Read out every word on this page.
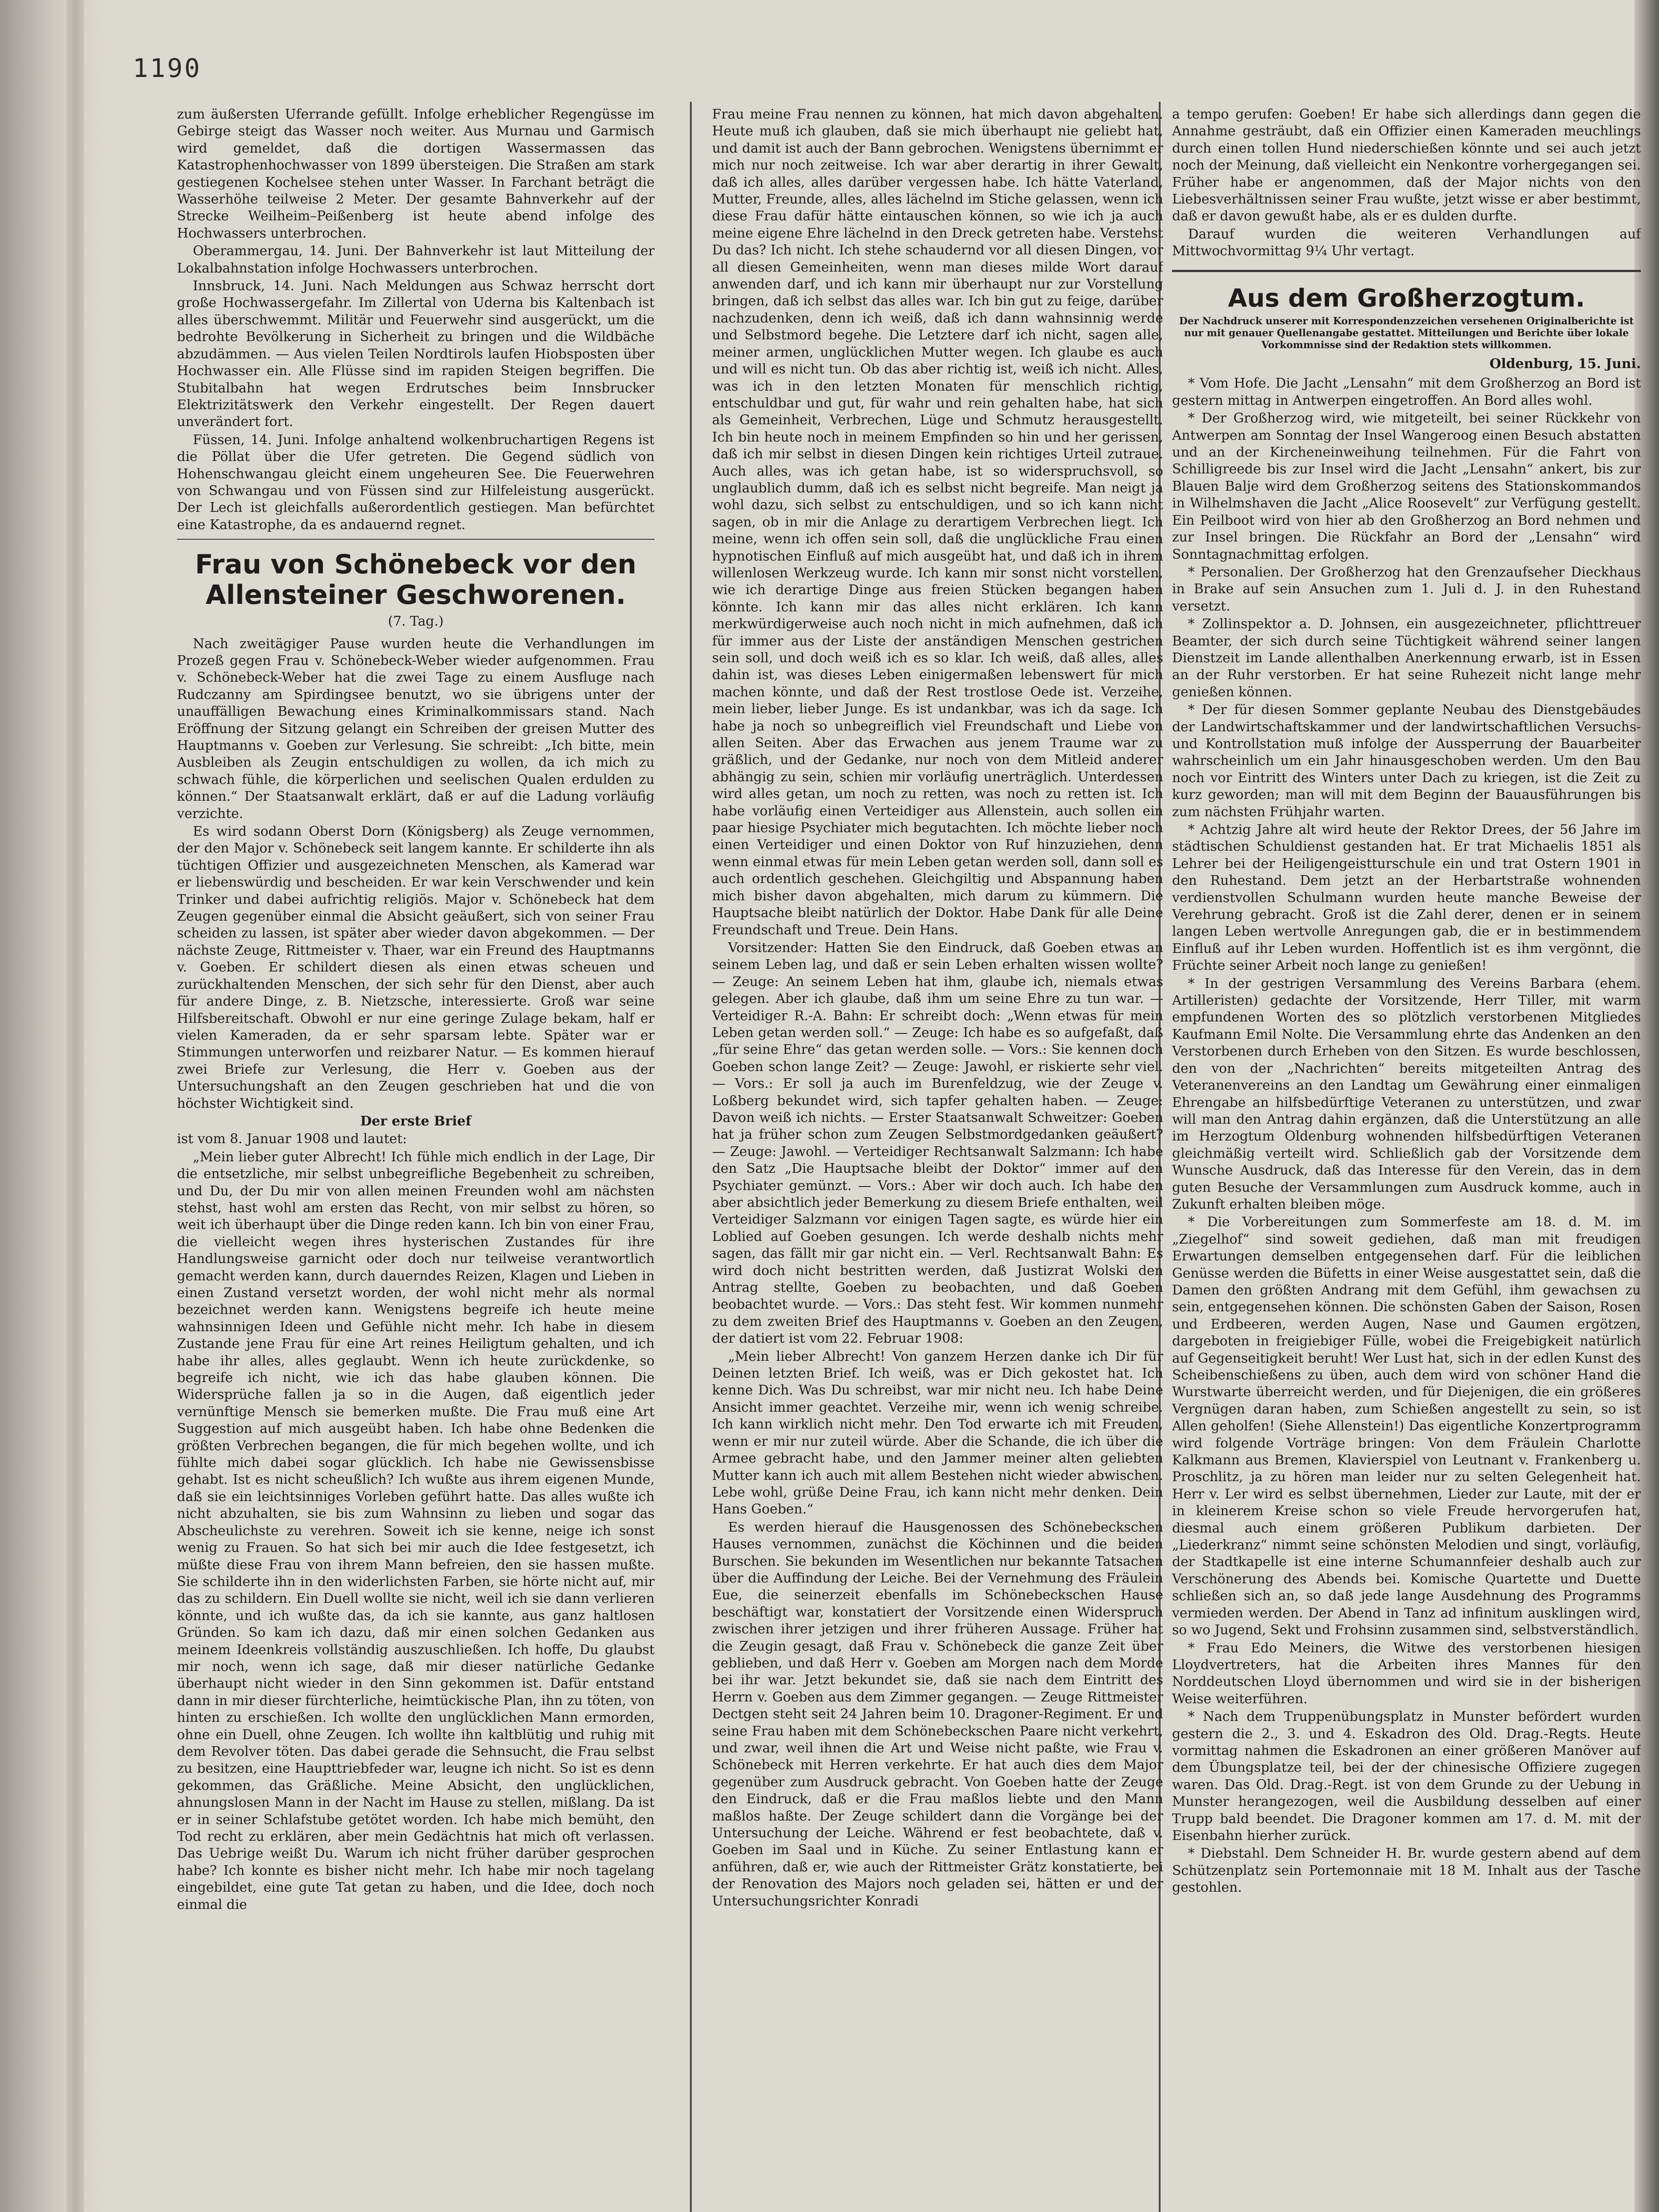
1190

zum äußersten Uferrande gefüllt. Infolge erheblicher Regengüsse im Gebirge steigt das Wasser noch weiter. Aus Murnau und Garmisch wird gemeldet, daß die dortigen Wassermassen das Katastrophenhochwasser von 1899 übersteigen. Die Straßen am stark gestiegenen Kochelsee stehen unter Wasser. In Farchant beträgt die Wasserhöhe teilweise 2 Meter. Der gesamte Bahnverkehr auf der Strecke Weilheim–Peißenberg ist heute abend infolge des Hochwassers unterbrochen.

Oberammergau, 14. Juni. Der Bahnverkehr ist laut Mitteilung der Lokalbahnstation infolge Hochwassers unterbrochen.

Innsbruck, 14. Juni. Nach Meldungen aus Schwaz herrscht dort große Hochwassergefahr. Im Zillertal von Uderna bis Kaltenbach ist alles überschwemmt. Militär und Feuerwehr sind ausgerückt, um die bedrohte Bevölkerung in Sicherheit zu bringen und die Wildbäche abzudämmen. — Aus vielen Teilen Nordtirols laufen Hiobsposten über Hochwasser ein. Alle Flüsse sind im rapiden Steigen begriffen. Die Stubitalbahn hat wegen Erdrutsches beim Innsbrucker Elektrizitätswerk den Verkehr eingestellt. Der Regen dauert unverändert fort.

Füssen, 14. Juni. Infolge anhaltend wolkenbruchartigen Regens ist die Pöllat über die Ufer getreten. Die Gegend südlich von Hohenschwangau gleicht einem ungeheuren See. Die Feuerwehren von Schwangau und von Füssen sind zur Hilfeleistung ausgerückt. Der Lech ist gleichfalls außerordentlich gestiegen. Man befürchtet eine Katastrophe, da es andauernd regnet.

Frau von Schönebeck vor den Allensteiner Geschworenen.
(7. Tag.)

Nach zweitägiger Pause wurden heute die Verhandlungen im Prozeß gegen Frau v. Schönebeck-Weber wieder aufgenommen. Frau v. Schönebeck-Weber hat die zwei Tage zu einem Ausfluge nach Rudczanny am Spirdingsee benutzt, wo sie übrigens unter der unauffälligen Bewachung eines Kriminalkommissars stand. Nach Eröffnung der Sitzung gelangt ein Schreiben der greisen Mutter des Hauptmanns v. Goeben zur Verlesung. Sie schreibt: „Ich bitte, mein Ausbleiben als Zeugin entschuldigen zu wollen, da ich mich zu schwach fühle, die körperlichen und seelischen Qualen erdulden zu können.“ Der Staatsanwalt erklärt, daß er auf die Ladung vorläufig verzichte.

Es wird sodann Oberst Dorn (Königsberg) als Zeuge vernommen, der den Major v. Schönebeck seit langem kannte. Er schilderte ihn als tüchtigen Offizier und ausgezeichneten Menschen, als Kamerad war er liebenswürdig und bescheiden. Er war kein Verschwender und kein Trinker und dabei aufrichtig religiös. Major v. Schönebeck hat dem Zeugen gegenüber einmal die Absicht geäußert, sich von seiner Frau scheiden zu lassen, ist später aber wieder davon abgekommen. — Der nächste Zeuge, Rittmeister v. Thaer, war ein Freund des Hauptmanns v. Goeben. Er schildert diesen als einen etwas scheuen und zurückhaltenden Menschen, der sich sehr für den Dienst, aber auch für andere Dinge, z. B. Nietzsche, interessierte. Groß war seine Hilfsbereitschaft. Obwohl er nur eine geringe Zulage bekam, half er vielen Kameraden, da er sehr sparsam lebte. Später war er Stimmungen unterworfen und reizbarer Natur. — Es kommen hierauf zwei Briefe zur Verlesung, die Herr v. Goeben aus der Untersuchungshaft an den Zeugen geschrieben hat und die von höchster Wichtigkeit sind.

Der erste Brief

ist vom 8. Januar 1908 und lautet:

„Mein lieber guter Albrecht! Ich fühle mich endlich in der Lage, Dir die entsetzliche, mir selbst unbegreifliche Begebenheit zu schreiben, und Du, der Du mir von allen meinen Freunden wohl am nächsten stehst, hast wohl am ersten das Recht, von mir selbst zu hören, so weit ich überhaupt über die Dinge reden kann. Ich bin von einer Frau, die vielleicht wegen ihres hysterischen Zustandes für ihre Handlungsweise garnicht oder doch nur teilweise verantwortlich gemacht werden kann, durch dauerndes Reizen, Klagen und Lieben in einen Zustand versetzt worden, der wohl nicht mehr als normal bezeichnet werden kann. Wenigstens begreife ich heute meine wahnsinnigen Ideen und Gefühle nicht mehr. Ich habe in diesem Zustande jene Frau für eine Art reines Heiligtum gehalten, und ich habe ihr alles, alles geglaubt. Wenn ich heute zurückdenke, so begreife ich nicht, wie ich das habe glauben können. Die Widersprüche fallen ja so in die Augen, daß eigentlich jeder vernünftige Mensch sie bemerken mußte. Die Frau muß eine Art Suggestion auf mich ausgeübt haben. Ich habe ohne Bedenken die größten Verbrechen begangen, die für mich begehen wollte, und ich fühlte mich dabei sogar glücklich. Ich habe nie Gewissensbisse gehabt. Ist es nicht scheußlich? Ich wußte aus ihrem eigenen Munde, daß sie ein leichtsinniges Vorleben geführt hatte. Das alles wußte ich nicht abzuhalten, sie bis zum Wahnsinn zu lieben und sogar das Abscheulichste zu verehren. Soweit ich sie kenne, neige ich sonst wenig zu Frauen. So hat sich bei mir auch die Idee festgesetzt, ich müßte diese Frau von ihrem Mann befreien, den sie hassen mußte. Sie schilderte ihn in den widerlichsten Farben, sie hörte nicht auf, mir das zu schildern. Ein Duell wollte sie nicht, weil ich sie dann verlieren könnte, und ich wußte das, da ich sie kannte, aus ganz haltlosen Gründen. So kam ich dazu, daß mir einen solchen Gedanken aus meinem Ideenkreis vollständig auszuschließen. Ich hoffe, Du glaubst mir noch, wenn ich sage, daß mir dieser natürliche Gedanke überhaupt nicht wieder in den Sinn gekommen ist. Dafür entstand dann in mir dieser fürchterliche, heimtückische Plan, ihn zu töten, von hinten zu erschießen. Ich wollte den unglücklichen Mann ermorden, ohne ein Duell, ohne Zeugen. Ich wollte ihn kaltblütig und ruhig mit dem Revolver töten. Das dabei gerade die Sehnsucht, die Frau selbst zu besitzen, eine Haupttriebfeder war, leugne ich nicht. So ist es denn gekommen, das Gräßliche. Meine Absicht, den unglücklichen, ahnungslosen Mann in der Nacht im Hause zu stellen, mißlang. Da ist er in seiner Schlafstube getötet worden. Ich habe mich bemüht, den Tod recht zu erklären, aber mein Gedächtnis hat mich oft verlassen. Das Uebrige weißt Du. Warum ich nicht früher darüber gesprochen habe? Ich konnte es bisher nicht mehr. Ich habe mir noch tagelang eingebildet, eine gute Tat getan zu haben, und die Idee, doch noch einmal die

Frau meine Frau nennen zu können, hat mich davon abgehalten. Heute muß ich glauben, daß sie mich überhaupt nie geliebt hat, und damit ist auch der Bann gebrochen. Wenigstens übernimmt er mich nur noch zeitweise. Ich war aber derartig in ihrer Gewalt, daß ich alles, alles darüber vergessen habe. Ich hätte Vaterland, Mutter, Freunde, alles, alles lächelnd im Stiche gelassen, wenn ich diese Frau dafür hätte eintauschen können, so wie ich ja auch meine eigene Ehre lächelnd in den Dreck getreten habe. Verstehst Du das? Ich nicht. Ich stehe schaudernd vor all diesen Dingen, vor all diesen Gemeinheiten, wenn man dieses milde Wort darauf anwenden darf, und ich kann mir überhaupt nur zur Vorstellung bringen, daß ich selbst das alles war. Ich bin gut zu feige, darüber nachzudenken, denn ich weiß, daß ich dann wahnsinnig werde und Selbstmord begehe. Die Letztere darf ich nicht, sagen alle, meiner armen, unglücklichen Mutter wegen. Ich glaube es auch und will es nicht tun. Ob das aber richtig ist, weiß ich nicht. Alles, was ich in den letzten Monaten für menschlich richtig, entschuldbar und gut, für wahr und rein gehalten habe, hat sich als Gemeinheit, Verbrechen, Lüge und Schmutz herausgestellt. Ich bin heute noch in meinem Empfinden so hin und her gerissen, daß ich mir selbst in diesen Dingen kein richtiges Urteil zutraue. Auch alles, was ich getan habe, ist so widerspruchsvoll, so unglaublich dumm, daß ich es selbst nicht begreife. Man neigt ja wohl dazu, sich selbst zu entschuldigen, und so ich kann nicht sagen, ob in mir die Anlage zu derartigem Verbrechen liegt. Ich meine, wenn ich offen sein soll, daß die unglückliche Frau einen hypnotischen Einfluß auf mich ausgeübt hat, und daß ich in ihrem willenlosen Werkzeug wurde. Ich kann mir sonst nicht vorstellen, wie ich derartige Dinge aus freien Stücken begangen haben könnte. Ich kann mir das alles nicht erklären. Ich kann merkwürdigerweise auch noch nicht in mich aufnehmen, daß ich für immer aus der Liste der anständigen Menschen gestrichen sein soll, und doch weiß ich es so klar. Ich weiß, daß alles, alles dahin ist, was dieses Leben einigermaßen lebenswert für mich machen könnte, und daß der Rest trostlose Oede ist. Verzeihe, mein lieber, lieber Junge. Es ist undankbar, was ich da sage. Ich habe ja noch so unbegreiflich viel Freundschaft und Liebe von allen Seiten. Aber das Erwachen aus jenem Traume war zu gräßlich, und der Gedanke, nur noch von dem Mitleid anderer abhängig zu sein, schien mir vorläufig unerträglich. Unterdessen wird alles getan, um noch zu retten, was noch zu retten ist. Ich habe vorläufig einen Verteidiger aus Allenstein, auch sollen ein paar hiesige Psychiater mich begutachten. Ich möchte lieber noch einen Verteidiger und einen Doktor von Ruf hinzuziehen, denn wenn einmal etwas für mein Leben getan werden soll, dann soll es auch ordentlich geschehen. Gleichgiltig und Abspannung haben mich bisher davon abgehalten, mich darum zu kümmern. Die Hauptsache bleibt natürlich der Doktor. Habe Dank für alle Deine Freundschaft und Treue. Dein Hans.

Vorsitzender: Hatten Sie den Eindruck, daß Goeben etwas an seinem Leben lag, und daß er sein Leben erhalten wissen wollte? — Zeuge: An seinem Leben hat ihm, glaube ich, niemals etwas gelegen. Aber ich glaube, daß ihm um seine Ehre zu tun war. — Verteidiger R.-A. Bahn: Er schreibt doch: „Wenn etwas für mein Leben getan werden soll.“ — Zeuge: Ich habe es so aufgefaßt, daß „für seine Ehre“ das getan werden solle. — Vors.: Sie kennen doch Goeben schon lange Zeit? — Zeuge: Jawohl, er riskierte sehr viel. — Vors.: Er soll ja auch im Burenfeldzug, wie der Zeuge v. Loßberg bekundet wird, sich tapfer gehalten haben. — Zeuge: Davon weiß ich nichts. — Erster Staatsanwalt Schweitzer: Goeben hat ja früher schon zum Zeugen Selbstmordgedanken geäußert? — Zeuge: Jawohl. — Verteidiger Rechtsanwalt Salzmann: Ich habe den Satz „Die Hauptsache bleibt der Doktor“ immer auf den Psychiater gemünzt. — Vors.: Aber wir doch auch. Ich habe den aber absichtlich jeder Bemerkung zu diesem Briefe enthalten, weil Verteidiger Salzmann vor einigen Tagen sagte, es würde hier ein Loblied auf Goeben gesungen. Ich werde deshalb nichts mehr sagen, das fällt mir gar nicht ein. — Verl. Rechtsanwalt Bahn: Es wird doch nicht bestritten werden, daß Justizrat Wolski den Antrag stellte, Goeben zu beobachten, und daß Goeben beobachtet wurde. — Vors.: Das steht fest. Wir kommen nunmehr zu dem zweiten Brief des Hauptmanns v. Goeben an den Zeugen, der datiert ist vom 22. Februar 1908:

„Mein lieber Albrecht! Von ganzem Herzen danke ich Dir für Deinen letzten Brief. Ich weiß, was er Dich gekostet hat. Ich kenne Dich. Was Du schreibst, war mir nicht neu. Ich habe Deine Ansicht immer geachtet. Verzeihe mir, wenn ich wenig schreibe. Ich kann wirklich nicht mehr. Den Tod erwarte ich mit Freuden, wenn er mir nur zuteil würde. Aber die Schande, die ich über die Armee gebracht habe, und den Jammer meiner alten geliebten Mutter kann ich auch mit allem Bestehen nicht wieder abwischen. Lebe wohl, grüße Deine Frau, ich kann nicht mehr denken. Dein Hans Goeben.“

Es werden hierauf die Hausgenossen des Schönebeckschen Hauses vernommen, zunächst die Köchinnen und die beiden Burschen. Sie bekunden im Wesentlichen nur bekannte Tatsachen über die Auffindung der Leiche. Bei der Vernehmung des Fräulein Eue, die seinerzeit ebenfalls im Schönebeckschen Hause beschäftigt war, konstatiert der Vorsitzende einen Widerspruch zwischen ihrer jetzigen und ihrer früheren Aussage. Früher hat die Zeugin gesagt, daß Frau v. Schönebeck die ganze Zeit über geblieben, und daß Herr v. Goeben am Morgen nach dem Morde bei ihr war. Jetzt bekundet sie, daß sie nach dem Eintritt des Herrn v. Goeben aus dem Zimmer gegangen. — Zeuge Rittmeister Dectgen steht seit 24 Jahren beim 10. Dragoner-Regiment. Er und seine Frau haben mit dem Schönebeckschen Paare nicht verkehrt, und zwar, weil ihnen die Art und Weise nicht paßte, wie Frau v. Schönebeck mit Herren verkehrte. Er hat auch dies dem Major gegenüber zum Ausdruck gebracht. Von Goeben hatte der Zeuge den Eindruck, daß er die Frau maßlos liebte und den Mann maßlos haßte. Der Zeuge schildert dann die Vorgänge bei der Untersuchung der Leiche. Während er fest beobachtete, daß v. Goeben im Saal und in Küche. Zu seiner Entlastung kann er anführen, daß er, wie auch der Rittmeister Grätz konstatierte, bei der Renovation des Majors noch geladen sei, hätten er und der Untersuchungsrichter Konradi

a tempo gerufen: Goeben! Er habe sich allerdings dann gegen die Annahme gesträubt, daß ein Offizier einen Kameraden meuchlings durch einen tollen Hund niederschießen könnte und sei auch jetzt noch der Meinung, daß vielleicht ein Nenkontre vorhergegangen sei. Früher habe er angenommen, daß der Major nichts von den Liebesverhältnissen seiner Frau wußte, jetzt wisse er aber bestimmt, daß er davon gewußt habe, als er es dulden durfte.

Darauf wurden die weiteren Verhandlungen auf Mittwochvormittag 9¼ Uhr vertagt.

Aus dem Großherzogtum.
Der Nachdruck unserer mit Korrespondenzzeichen versehenen Originalberichte ist nur mit genauer Quellenangabe gestattet. Mitteilungen und Berichte über lokale Vorkommnisse sind der Redaktion stets willkommen.
Oldenburg, 15. Juni.

* Vom Hofe. Die Jacht „Lensahn“ mit dem Großherzog an Bord ist gestern mittag in Antwerpen eingetroffen. An Bord alles wohl.

* Der Großherzog wird, wie mitgeteilt, bei seiner Rückkehr von Antwerpen am Sonntag der Insel Wangeroog einen Besuch abstatten und an der Kircheneinweihung teilnehmen. Für die Fahrt von Schilligreede bis zur Insel wird die Jacht „Lensahn“ ankert, bis zur Blauen Balje wird dem Großherzog seitens des Stationskommandos in Wilhelmshaven die Jacht „Alice Roosevelt“ zur Verfügung gestellt. Ein Peilboot wird von hier ab den Großherzog an Bord nehmen und zur Insel bringen. Die Rückfahr an Bord der „Lensahn“ wird Sonntagnachmittag erfolgen.

* Personalien. Der Großherzog hat den Grenzaufseher Dieckhaus in Brake auf sein Ansuchen zum 1. Juli d. J. in den Ruhestand versetzt.

* Zollinspektor a. D. Johnsen, ein ausgezeichneter, pflichttreuer Beamter, der sich durch seine Tüchtigkeit während seiner langen Dienstzeit im Lande allenthalben Anerkennung erwarb, ist in Essen an der Ruhr verstorben. Er hat seine Ruhezeit nicht lange mehr genießen können.

* Der für diesen Sommer geplante Neubau des Dienstgebäudes der Landwirtschaftskammer und der landwirtschaftlichen Versuchs- und Kontrollstation muß infolge der Aussperrung der Bauarbeiter wahrscheinlich um ein Jahr hinausgeschoben werden. Um den Bau noch vor Eintritt des Winters unter Dach zu kriegen, ist die Zeit zu kurz geworden; man will mit dem Beginn der Bauausführungen bis zum nächsten Frühjahr warten.

* Achtzig Jahre alt wird heute der Rektor Drees, der 56 Jahre im städtischen Schuldienst gestanden hat. Er trat Michaelis 1851 als Lehrer bei der Heiligengeistturschule ein und trat Ostern 1901 in den Ruhestand. Dem jetzt an der Herbartstraße wohnenden verdienstvollen Schulmann wurden heute manche Beweise der Verehrung gebracht. Groß ist die Zahl derer, denen er in seinem langen Leben wertvolle Anregungen gab, die er in bestimmendem Einfluß auf ihr Leben wurden. Hoffentlich ist es ihm vergönnt, die Früchte seiner Arbeit noch lange zu genießen!

* In der gestrigen Versammlung des Vereins Barbara (ehem. Artilleristen) gedachte der Vorsitzende, Herr Tiller, mit warm empfundenen Worten des so plötzlich verstorbenen Mitgliedes Kaufmann Emil Nolte. Die Versammlung ehrte das Andenken an den Verstorbenen durch Erheben von den Sitzen. Es wurde beschlossen, den von der „Nachrichten“ bereits mitgeteilten Antrag des Veteranenvereins an den Landtag um Gewährung einer einmaligen Ehrengabe an hilfsbedürftige Veteranen zu unterstützen, und zwar will man den Antrag dahin ergänzen, daß die Unterstützung an alle im Herzogtum Oldenburg wohnenden hilfsbedürftigen Veteranen gleichmäßig verteilt wird. Schließlich gab der Vorsitzende dem Wunsche Ausdruck, daß das Interesse für den Verein, das in dem guten Besuche der Versammlungen zum Ausdruck komme, auch in Zukunft erhalten bleiben möge.

* Die Vorbereitungen zum Sommerfeste am 18. d. M. im „Ziegelhof“ sind soweit gediehen, daß man mit freudigen Erwartungen demselben entgegensehen darf. Für die leiblichen Genüsse werden die Büfetts in einer Weise ausgestattet sein, daß die Damen den größten Andrang mit dem Gefühl, ihm gewachsen zu sein, entgegensehen können. Die schönsten Gaben der Saison, Rosen und Erdbeeren, werden Augen, Nase und Gaumen ergötzen, dargeboten in freigiebiger Fülle, wobei die Freigebigkeit natürlich auf Gegenseitigkeit beruht! Wer Lust hat, sich in der edlen Kunst des Scheibenschießens zu üben, auch dem wird von schöner Hand die Wurstwarte überreicht werden, und für Diejenigen, die ein größeres Vergnügen daran haben, zum Schießen angestellt zu sein, so ist Allen geholfen! (Siehe Allenstein!) Das eigentliche Konzertprogramm wird folgende Vorträge bringen: Von dem Fräulein Charlotte Kalkmann aus Bremen, Klavierspiel von Leutnant v. Frankenberg u. Proschlitz, ja zu hören man leider nur zu selten Gelegenheit hat. Herr v. Ler wird es selbst übernehmen, Lieder zur Laute, mit der er in kleinerem Kreise schon so viele Freude hervorgerufen hat, diesmal auch einem größeren Publikum darbieten. Der „Liederkranz“ nimmt seine schönsten Melodien und singt, vorläufig, der Stadtkapelle ist eine interne Schumannfeier deshalb auch zur Verschönerung des Abends bei. Komische Quartette und Duette schließen sich an, so daß jede lange Ausdehnung des Programms vermieden werden. Der Abend in Tanz ad infinitum ausklingen wird, so wo Jugend, Sekt und Frohsinn zusammen sind, selbstverständlich.

* Frau Edo Meiners, die Witwe des verstorbenen hiesigen Lloydvertreters, hat die Arbeiten ihres Mannes für den Norddeutschen Lloyd übernommen und wird sie in der bisherigen Weise weiterführen.

* Nach dem Truppenübungsplatz in Munster befördert wurden gestern die 2., 3. und 4. Eskadron des Old. Drag.-Regts. Heute vormittag nahmen die Eskadronen an einer größeren Manöver auf dem Übungsplatze teil, bei der der chinesische Offiziere zugegen waren. Das Old. Drag.-Regt. ist von dem Grunde zu der Uebung in Munster herangezogen, weil die Ausbildung desselben auf einer Trupp bald beendet. Die Dragoner kommen am 17. d. M. mit der Eisenbahn hierher zurück.

* Diebstahl. Dem Schneider H. Br. wurde gestern abend auf dem Schützenplatz sein Portemonnaie mit 18 M. Inhalt aus der Tasche gestohlen.
